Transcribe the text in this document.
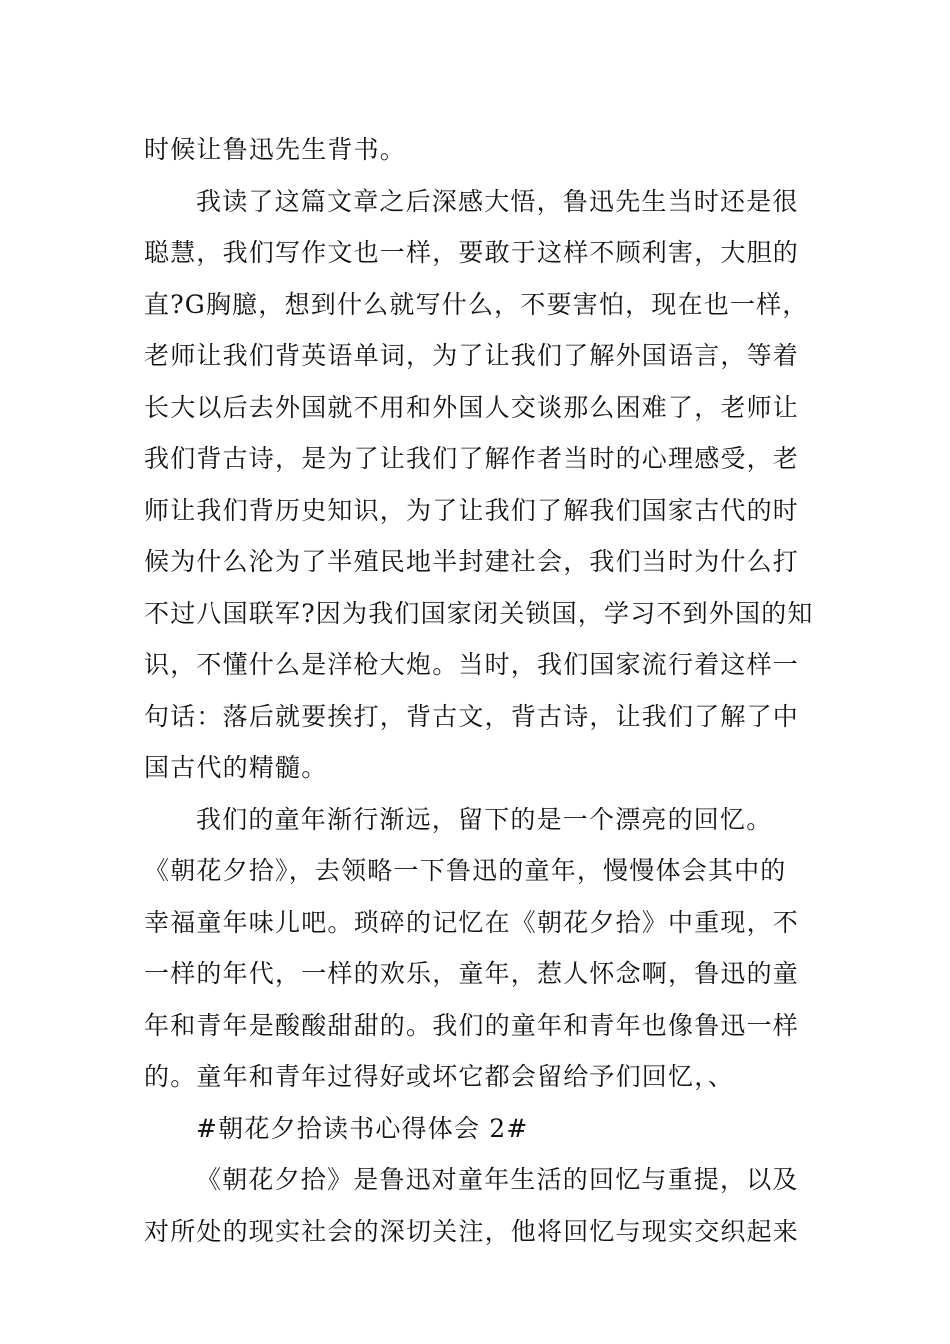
时候让鲁迅先生背书。
我读了这篇文章之后深感大悟，鲁迅先生当时还是很
聪慧，我们写作文也一样，要敢于这样不顾利害，大胆的
直?G胸臆，想到什么就写什么，不要害怕，现在也一样，
老师让我们背英语单词，为了让我们了解外国语言，等着
长大以后去外国就不用和外国人交谈那么困难了，老师让
我们背古诗，是为了让我们了解作者当时的心理感受，老
师让我们背历史知识，为了让我们了解我们国家古代的时
候为什么沦为了半殖民地半封建社会，我们当时为什么打
不过八国联军?因为我们国家闭关锁国，学习不到外国的知
识，不懂什么是洋枪大炮。当时，我们国家流行着这样一
句话：落后就要挨打，背古文，背古诗，让我们了解了中
国古代的精髓。
我们的童年渐行渐远，留下的是一个漂亮的回忆。
《朝花夕拾》，去领略一下鲁迅的童年，慢慢体会其中的
幸福童年味儿吧。琐碎的记忆在《朝花夕拾》中重现，不
一样的年代，一样的欢乐，童年，惹人怀念啊，鲁迅的童
年和青年是酸酸甜甜的。我们的童年和青年也像鲁迅一样
的。童年和青年过得好或坏它都会留给予们回忆，、
#朝花夕拾读书心得体会 2#
《朝花夕拾》是鲁迅对童年生活的回忆与重提，以及
对所处的现实社会的深切关注，他将回忆与现实交织起来
